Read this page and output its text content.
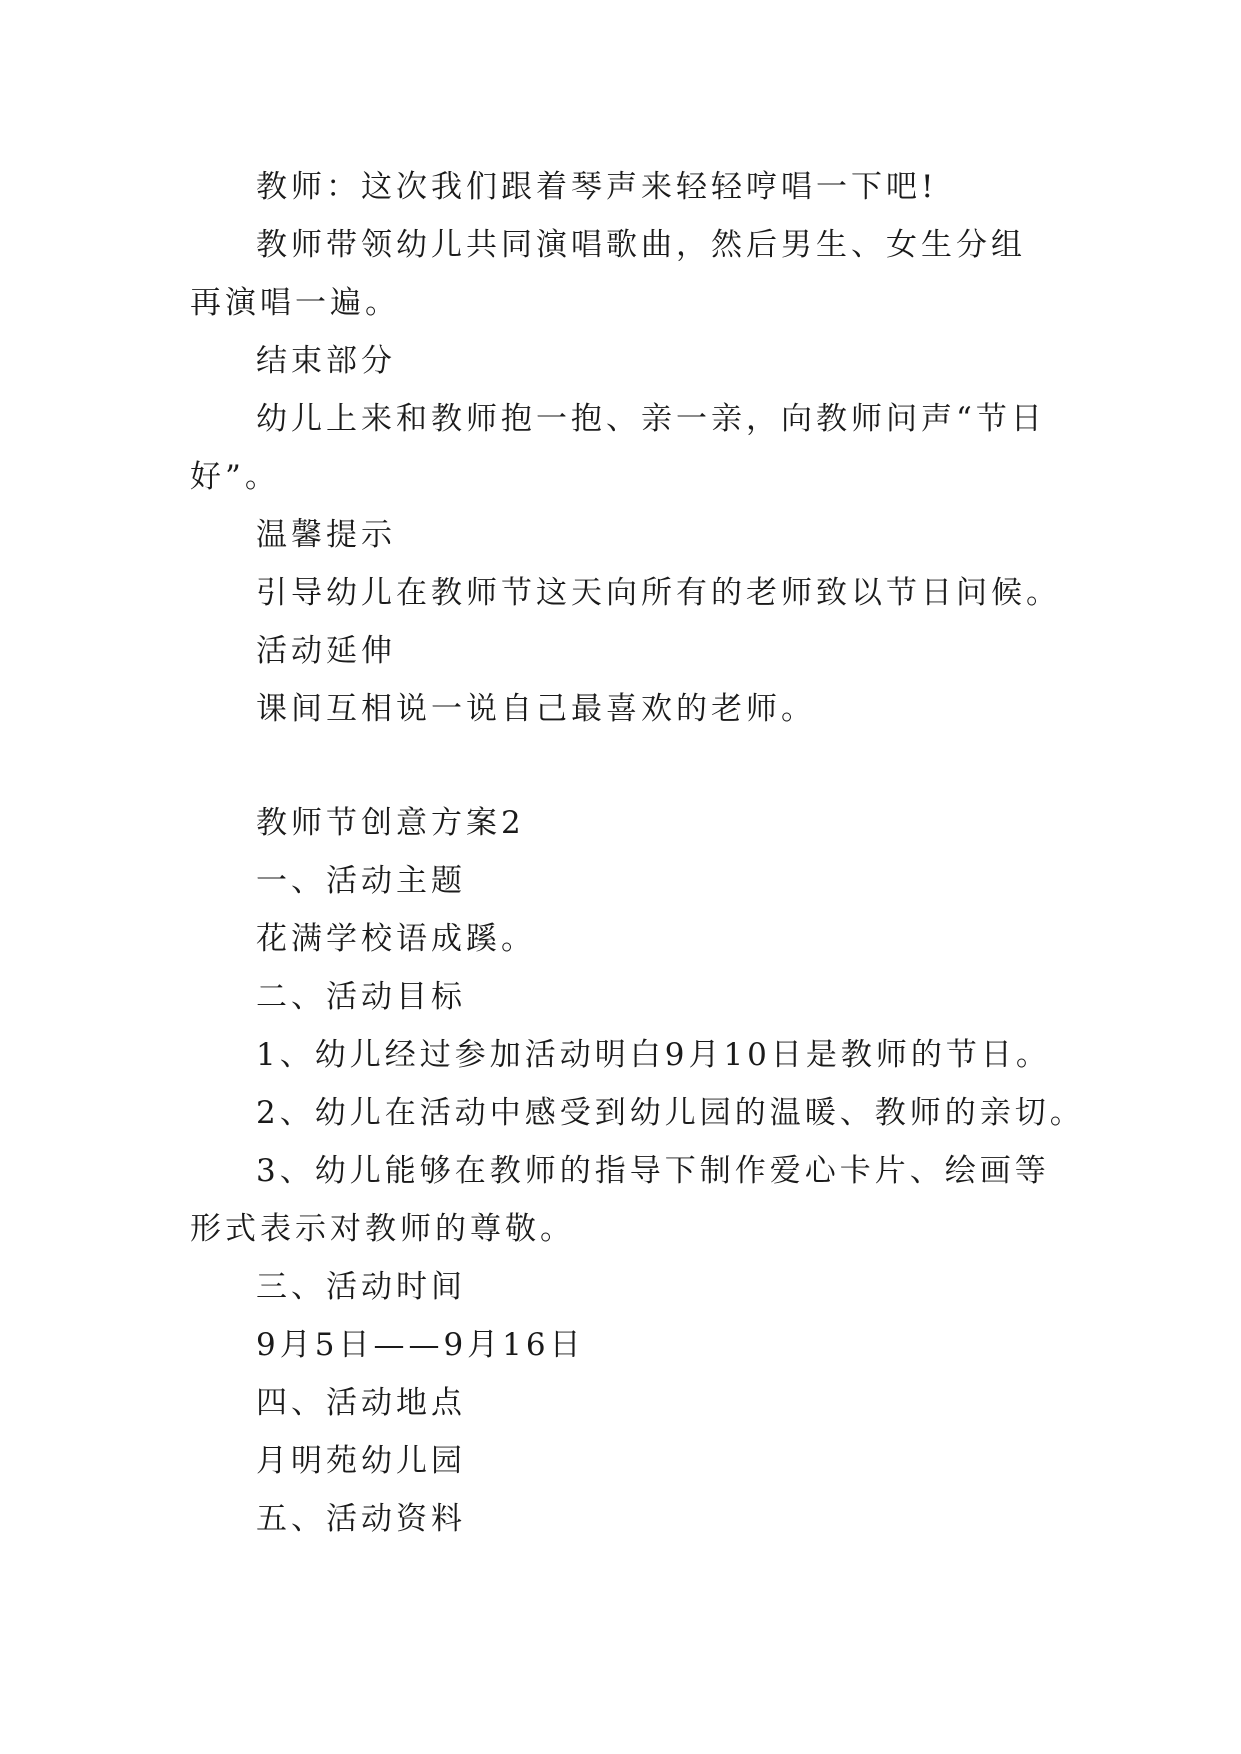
教师：这次我们跟着琴声来轻轻哼唱一下吧!

教师带领幼儿共同演唱歌曲，然后男生、女生分组再演唱一遍。

结束部分

幼儿上来和教师抱一抱、亲一亲，向教师问声“节日好”。

温馨提示

引导幼儿在教师节这天向所有的老师致以节日问候。

活动延伸

课间互相说一说自己最喜欢的老师。

教师节创意方案2

一、活动主题

花满学校语成蹊。

二、活动目标

1、幼儿经过参加活动明白9月10日是教师的节日。

2、幼儿在活动中感受到幼儿园的温暖、教师的亲切。

3、幼儿能够在教师的指导下制作爱心卡片、绘画等形式表示对教师的尊敬。

三、活动时间

9月5日——9月16日

四、活动地点

月明苑幼儿园

五、活动资料
